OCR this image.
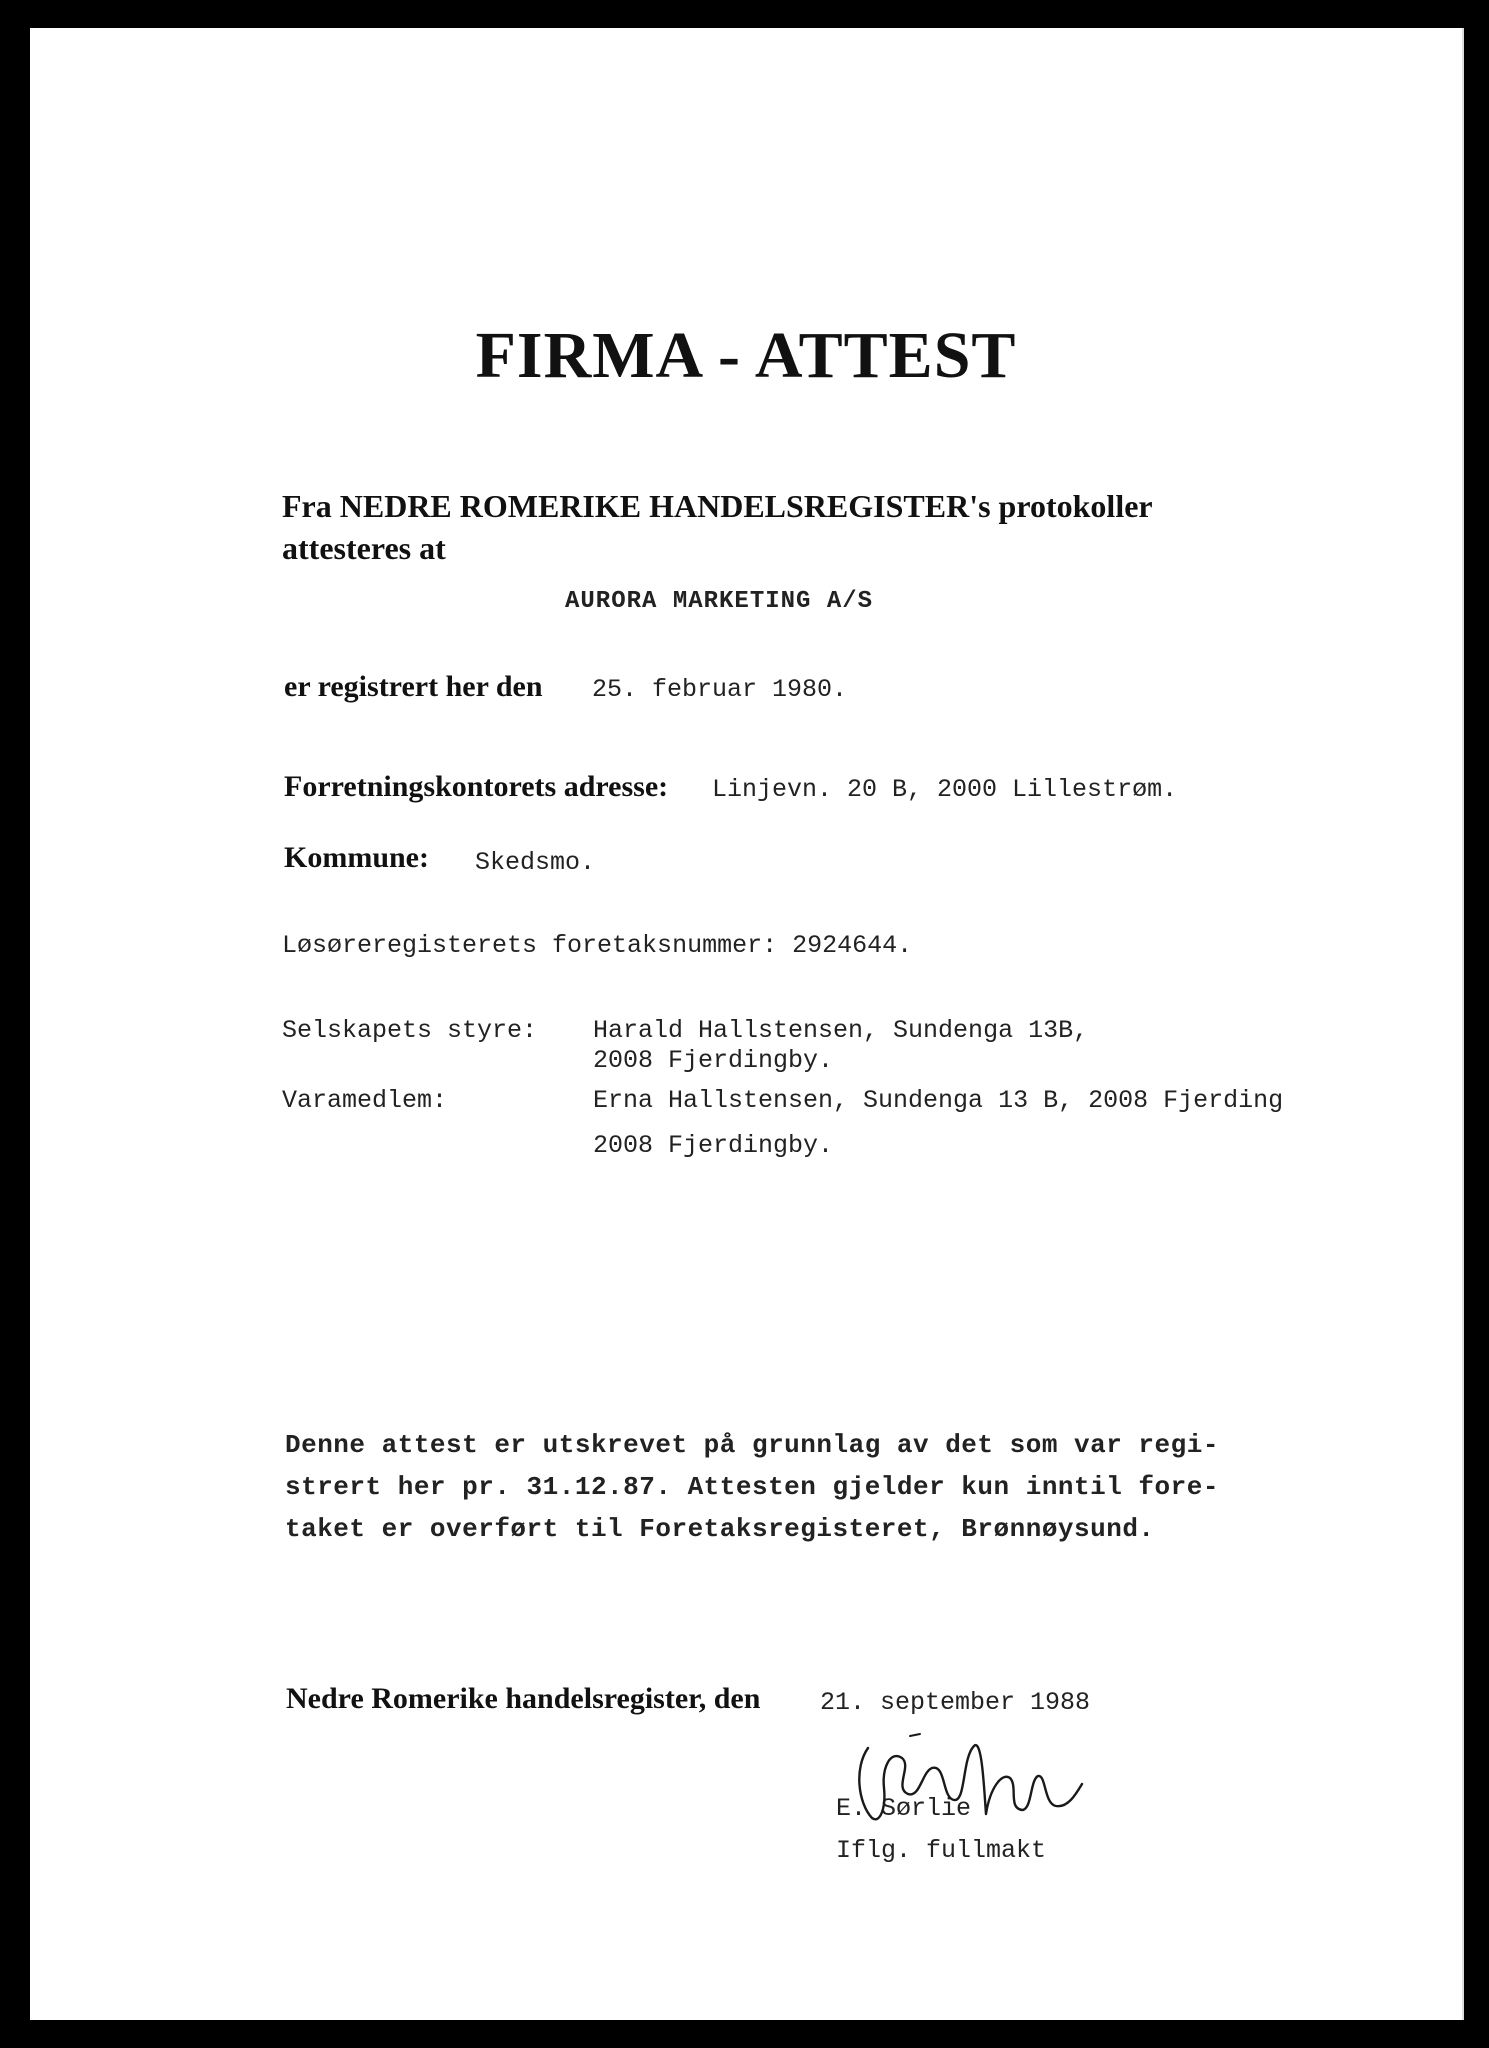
FIRMA - ATTEST
Fra NEDRE ROMERIKE HANDELSREGISTER's protokoller
attesteres at
AURORA MARKETING A/S
er registrert her den 25. februar 1980.
Forretningskontorets adresse: Linjevn. 20 B, 2000 Lillestrøm.
Kommune: Skedsmo.
Løsøreregisterets foretaksnummer: 2924644.
Selskapets styre: Harald Hallstensen, Sundenga 13B,
2008 Fjerdingby.
Varamedlem:	Erna Hallstensen, Sundenga 13 B, 2008 Fjerding
2008 Fjerdingby.
Denne attest er utskrevet på grunnlag av det som var regi-
strert her pr. 31.12.87. Attesten gjelder kun inntil fore-
taket er overført til Foretaksregisteret, Brønnøysund.
Nedre Romerike handelsregister, den 21. september 1988
E. Sørlie
Iflg. fullmakt
